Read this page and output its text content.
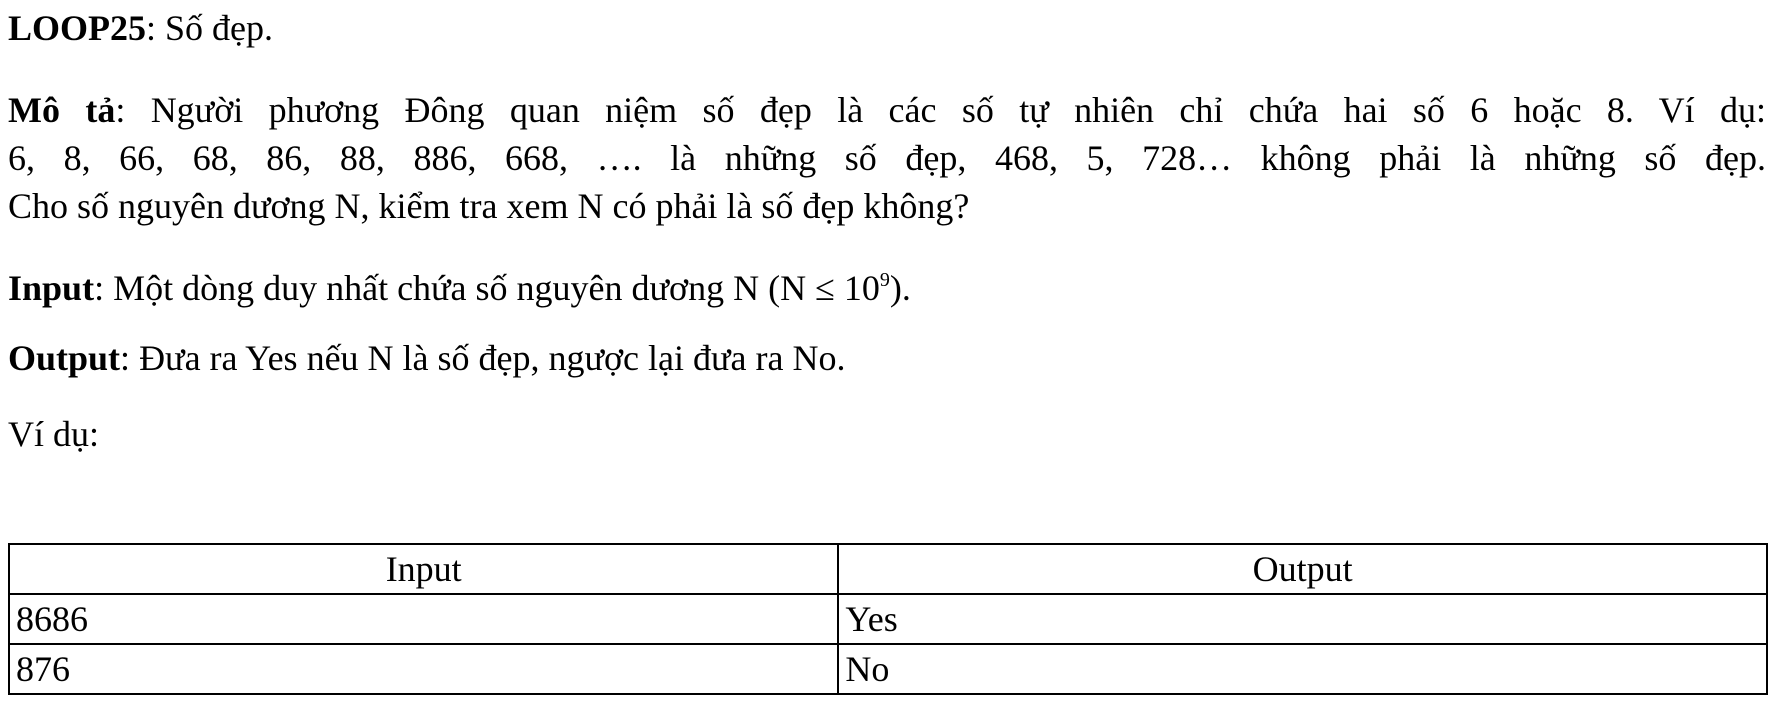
LOOP25: Số đẹp.
Mô tả: Người phương Đông quan niệm số đẹp là các số tự nhiên chỉ chứa hai số 6 hoặc 8. Ví dụ:
6, 8, 66, 68, 86, 88, 886, 668, …. là những số đẹp, 468, 5, 728… không phải là những số đẹp.
Cho số nguyên dương N, kiểm tra xem N có phải là số đẹp không?
Input: Một dòng duy nhất chứa số nguyên dương N $(N \le 10^9)$.
Output: Đưa ra Yes nếu N là số đẹp, ngược lại đưa ra No.
Ví dụ:
Input	Output
8686	Yes
876	No
